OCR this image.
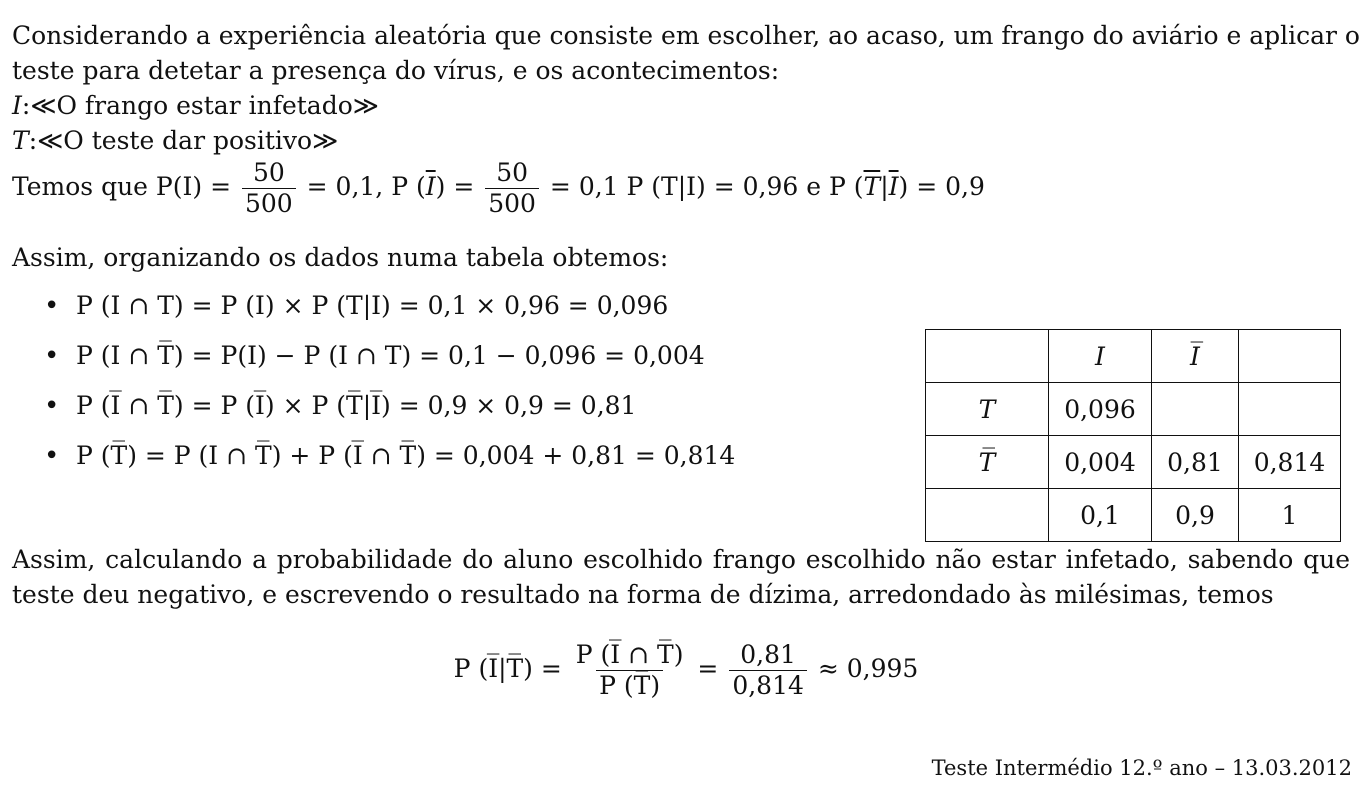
Considerando a experiência aleatória que consiste em escolher, ao acaso, um frango do aviário e aplicar o
teste para detetar a presença do vírus, e os acontecimentos:
I:≪O frango estar infetado≫
T:≪O teste dar positivo≫
Temos que $P(I) = \frac{50}{500} = 0,1$, P $(\overline{I}) = \frac{50}{500} = 0,1$ P (T|I) = 0,96 e P $(\overline{T}|\overline{I}) = 0,9$
Assim, organizando os dados numa tabela obtemos:
• P (I ∩ T) = P (I) × P (T|I) = 0,1 × 0,96 = 0,096
• P (I ∩ T̅) = P(I) − P (I ∩ T) = 0,1 − 0,096 = 0,004
• P (I̅ ∩ T̅) = P (I̅) × P (T̅|I̅) = 0,9 × 0,9 = 0,81
• P (T̅) = P (I ∩ T̅) + P (I̅ ∩ T̅) = 0,004 + 0,81 = 0,814
	I	I̅	
T	0,096		
T̅	0,004	0,81	0,814
	0,1	0,9	1
Assim, calculando a probabilidade do aluno escolhido frango escolhido não estar infetado, sabendo que
teste deu negativo, e escrevendo o resultado na forma de dízima, arredondado às milésimas, temos
P (I̅|T̅) = $\frac{P (I̅ \cap T̅)}{P (T̅)} = \frac{0,81}{0,814} \approx 0,995$
Teste Intermédio 12.º ano – 13.03.2012
